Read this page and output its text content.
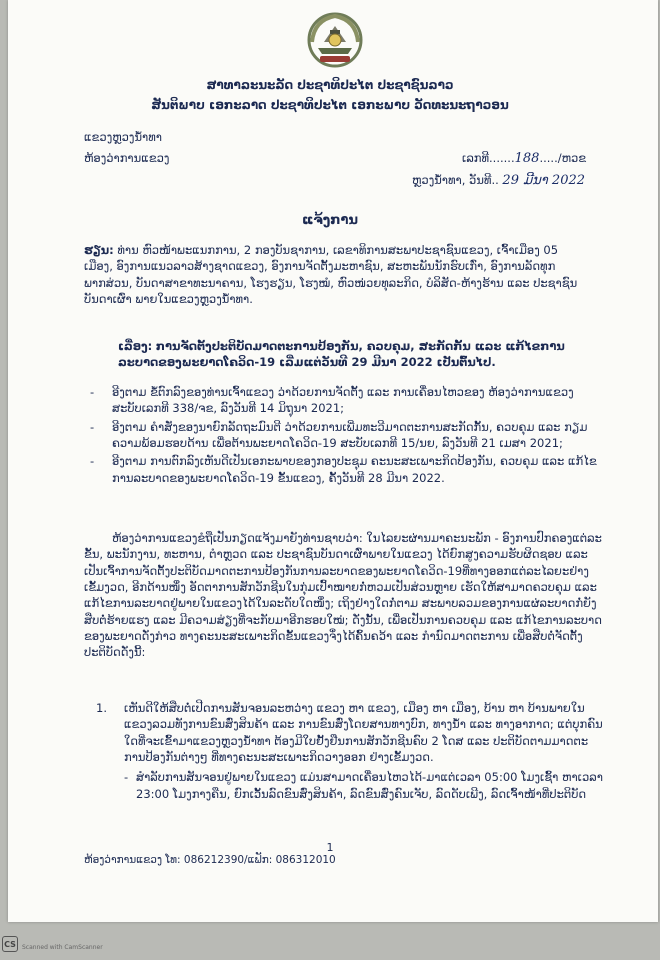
ສາທາລະນະລັດ ປະຊາທິປະໄຕ ປະຊາຊົນລາວ
ສັນຕິພາບ ເອກະລາດ ປະຊາທິປະໄຕ ເອກະພາບ ວັດທະນະຖາວອນ
ແຂວງຫຼວງນ້ຳທາ
ຫ້ອງວ່າການແຂວງ	ເລກທີ.......188...../ຫວຂ
ຫຼວງນ້ຳທາ, ວັນທີ.. 29 ມີນາ 2022
ແຈ້ງການ
ຮຽນ: ທ່ານ ຫົວໜ້າພະແນກການ, 2 ກອງບັນຊາການ, ເລຂາທິການສະພາປະຊາຊົນແຂວງ, ເຈົ້າເມືອງ 05 ເມືອງ, ອົງການແນວລາວສ້າງຊາດແຂວງ, ອົງການຈັດຕັ້ງມະຫາຊົນ, ສະຫະພັນນັກຮົບເກົ່າ, ອົງການລັດທຸກພາກສ່ວນ, ບັນດາສາຂາທະນາຄານ, ໂຮງຮຽນ, ໂຮງໝໍ, ຫົວໜ່ວຍທຸລະກິດ, ບໍລິສັດ-ຫ້າງຮ້ານ ແລະ ປະຊາຊົນບັນດາເຜົ່າ ພາຍໃນແຂວງຫຼວງນ້ຳທາ.
ເລື່ອງ: ການຈັດຕັ້ງປະຕິບັດມາດຕະການປ້ອງກັນ, ຄວບຄຸມ, ສະກັດກັ້ນ ແລະ ແກ້ໄຂການລະບາດຂອງພະຍາດໂຄວິດ-19 ເລີ່ມແຕ່ວັນທີ 29 ມີນາ 2022 ເປັນຕົ້ນໄປ.
- ອີງຕາມ ຂໍ້ຕົກລົງຂອງທ່ານເຈົ້າແຂວງ ວ່າດ້ວຍການຈັດຕັ້ງ ແລະ ການເຄື່ອນໄຫວຂອງ ຫ້ອງວ່າການແຂວງ ສະບັບເລກທີ 338/ຈຂ, ລົງວັນທີ 14 ມິຖຸນາ 2021;
- ອີງຕາມ ຄຳສັ່ງຂອງນາຍົກລັດຖະມົນຕີ ວ່າດ້ວຍການເພີ່ມທະວີມາດຕະການສະກັດກັ້ນ, ຄວບຄຸມ ແລະ ກຽມຄວາມພ້ອມຮອບດ້ານ ເພື່ອຕ້ານພະຍາດໂຄວິດ-19 ສະບັບເລກທີ 15/ນຍ, ລົງວັນທີ 21 ເມສາ 2021;
- ອີງຕາມ ການຕົກລົງເຫັນດີເປັນເອກະພາບຂອງກອງປະຊຸມ ຄະນະສະເພາະກິດປ້ອງກັນ, ຄວບຄຸມ ແລະ ແກ້ໄຂການລະບາດຂອງພະຍາດໂຄວິດ-19 ຂັ້ນແຂວງ, ຄັ້ງວັນທີ 28 ມີນາ 2022.
ຫ້ອງວ່າການແຂວງຂໍຖືເປັນກຽດແຈ້ງມາຍັງທ່ານຊາບວ່າ: ໃນໄລຍະຜ່ານມາຄະນະພັກ - ອົງການປົກຄອງແຕ່ລະຂັ້ນ, ພະນັກງານ, ທະຫານ, ຕຳຫຼວດ ແລະ ປະຊາຊົນບັນດາເຜົ່າພາຍໃນແຂວງ ໄດ້ຍົກສູງຄວາມຮັບຜິດຊອບ ແລະ ເປັນເຈົ້າການຈັດຕັ້ງປະຕິບັດມາດຕະການປ້ອງກັນການລະບາດຂອງພະຍາດໂຄວິດ-19ທີ່ທາງອອກແຕ່ລະໄລຍະຢ່າງເຂັ້ມງວດ, ອີກດ້ານໜຶ່ງ ອັດຕາການສັກວັກຊີນໃນກຸ່ມເປົ້າໝາຍກໍ່ຫວມເປັນສ່ວນຫຼາຍ ເຮັດໃຫ້ສາມາດຄວບຄຸມ ແລະ ແກ້ໄຂການລະບາດຢູ່ພາຍໃນແຂວງໄດ້ໃນລະດັບໃດໜຶ່ງ; ເຖິງຢ່າງໃດກໍ່ຕາມ ສະພາບລວມຂອງການແຜ່ລະບາດກໍ່ຍັງສືບຕໍ່ຮ້າຍແຮງ ແລະ ມີຄວາມສ່ຽງທີ່ຈະກັບມາອີກຮອບໃໝ່; ດັ່ງນັ້ນ, ເພື່ອເປັນການຄວບຄຸມ ແລະ ແກ້ໄຂການລະບາດຂອງພະຍາດດັ່ງກ່າວ ທາງຄະນະສະເພາະກິດຂັ້ນແຂວງຈຶ່ງໄດ້ຄົ້ນຄວ້າ ແລະ ກຳນົດມາດຕະການ ເພື່ອສືບຕໍ່ຈັດຕັ້ງປະຕິບັດດັ່ງນີ້:
1. ເຫັນດີໃຫ້ສືບຕໍ່ເປີດການສັນຈອນລະຫວ່າງ ແຂວງ ຫາ ແຂວງ, ເມືອງ ຫາ ເມືອງ, ບ້ານ ຫາ ບ້ານພາຍໃນແຂວງລວມທັງການຂົນສົ່ງສິນຄ້າ ແລະ ການຂົນສົ່ງໂດຍສານທາງບົກ, ທາງນ້ຳ ແລະ ທາງອາກາດ; ແຕ່ບຸກຄົນໃດທີ່ຈະເຂົ້າມາແຂວງຫຼວງນ້ຳທາ ຕ້ອງມີໃບຢັ້ງຢືນການສັກວັກຊີນຄົບ 2 ໂດສ ແລະ ປະຕິບັດຕາມມາດຕະການປ້ອງກັນຕ່າງໆ ທີ່ທາງຄະນະສະເພາະກິດວາງອອກ ຢ່າງເຂັ້ມງວດ.
- ສຳລັບການສັນຈອນຢູ່ພາຍໃນແຂວງ ແມ່ນສາມາດເຄື່ອນໄຫວໄດ້-ມາແຕ່ເວລາ 05:00 ໂມງເຊົ້າ ຫາເວລາ 23:00 ໂມງກາງຄືນ, ຍົກເວັ້ນລົດຂົນສົ່ງສິນຄ້າ, ລົດຂົນສົ່ງຄົນເຈັບ, ລົດດັບເພີງ, ລົດເຈົ້າໜ້າທີ່ປະຕິບັດ
1
ຫ້ອງວ່າການແຂວງ ໂທ: 086212390/ແຟັກ: 086312010
CS	Scanned with CamScanner
